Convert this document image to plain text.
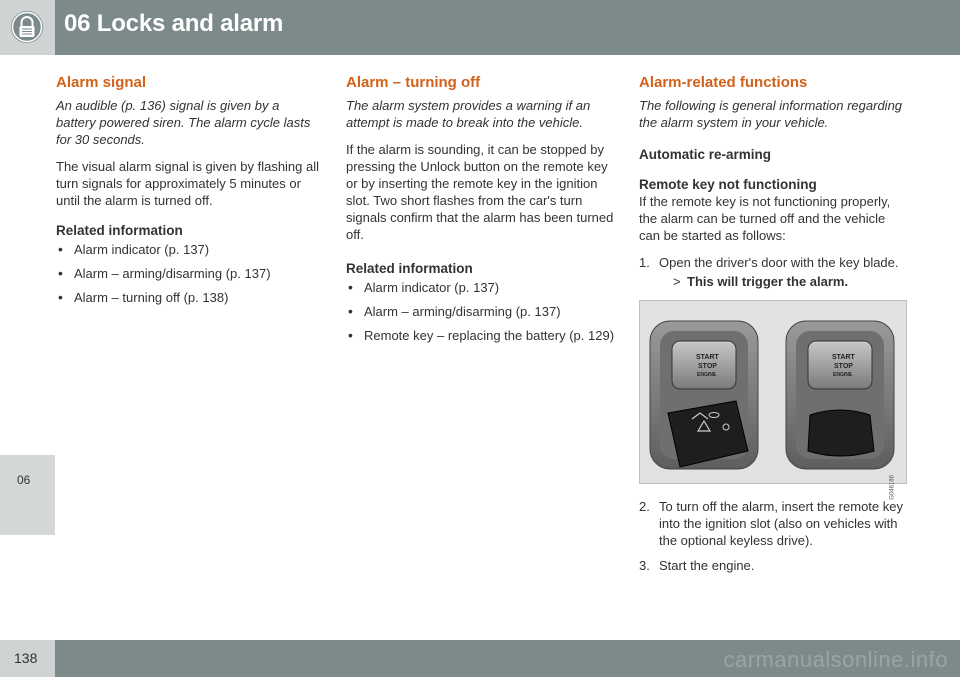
06 Locks and alarm
06
Alarm signal

An audible (p. 136) signal is given by a battery powered siren. The alarm cycle lasts for 30 seconds.

The visual alarm signal is given by flashing all turn signals for approximately 5 minutes or until the alarm is turned off.

Related information
• Alarm indicator (p. 137)
• Alarm – arming/disarming (p. 137)
• Alarm – turning off (p. 138)
Alarm – turning off

The alarm system provides a warning if an attempt is made to break into the vehicle.

If the alarm is sounding, it can be stopped by pressing the Unlock button on the remote key or by inserting the remote key in the ignition slot. Two short flashes from the car's turn signals confirm that the alarm has been turned off.

Related information
• Alarm indicator (p. 137)
• Alarm – arming/disarming (p. 137)
• Remote key – replacing the battery (p. 129)
Alarm-related functions

The following is general information regarding the alarm system in your vehicle.

Automatic re-arming
Remote key not functioning

If the remote key is not functioning properly, the alarm can be turned off and the vehicle can be started as follows:

1. Open the driver's door with the key blade.
> This will trigger the alarm.
START
STOP
ENGINE
START
STOP
ENGINE
G046186
2. To turn off the alarm, insert the remote key into the ignition slot (also on vehicles with the optional keyless drive).
3. Start the engine.
138	carmanualsonline.info
